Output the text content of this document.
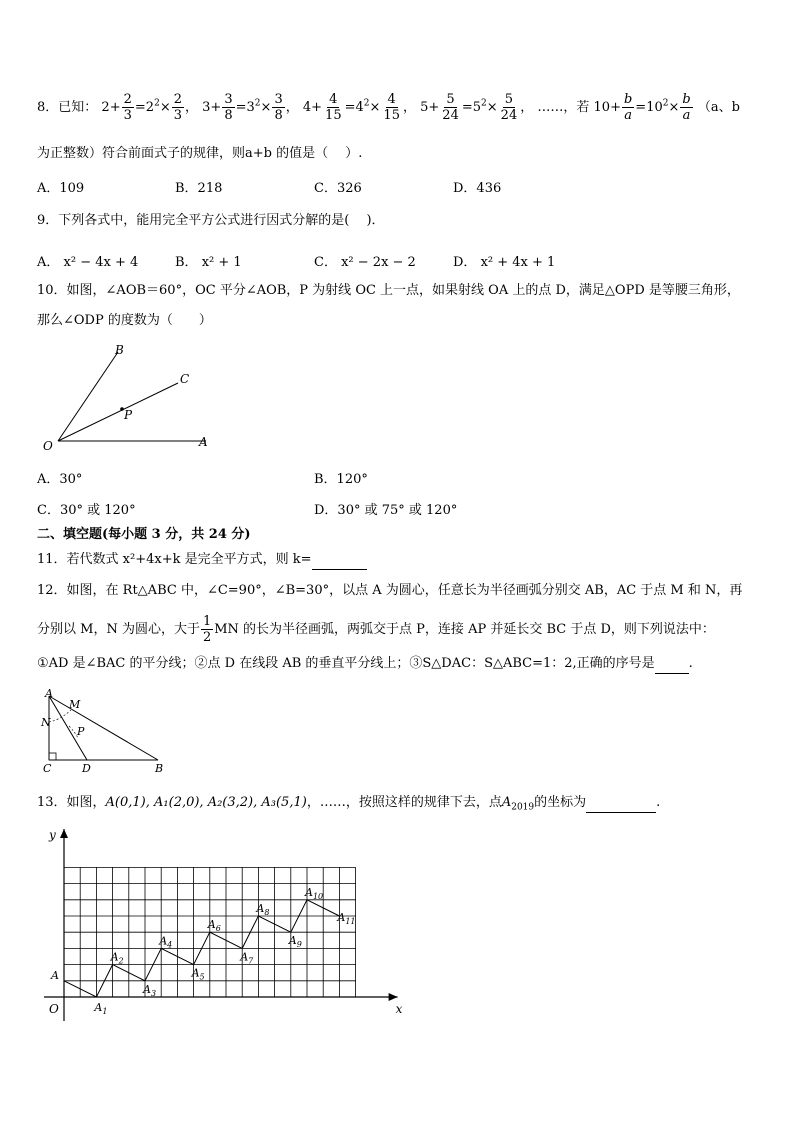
8．已知： $2+ \frac{2}{3} =2^2\times \frac{2}{3}$ ， $3+ \frac{3}{8} =3^2\times \frac{3}{8}$ ， $4+ \frac{4}{15} =4^2\times \frac{4}{15}$ ， $5+ \frac{5}{24} =5^2\times \frac{5}{24}$ ， ……，若 $10+ \frac{b}{a} =10^2\times \frac{b}{a} (a$、b
为正整数）符合前面式子的规律，则a+b 的值是（　 ）.
A．109	B．218	C．326	D．436
9．下列各式中，能用完全平方公式进行因式分解的是(　 )．
A． x² − 4x + 4	B． x² + 1	C． x² − 2x − 2	D． x² + 4x + 1
10．如图，∠AOB＝60°，OC 平分∠AOB，P 为射线 OC 上一点，如果射线 OA 上的点 D，满足△OPD 是等腰三角形，
那么∠ODP 的度数为（　　）
B
C
P
O	A
A．30°	B．120°
C．30° 或 120°	D．30° 或 75° 或 120°
二、填空题(每小题 3 分，共 24 分)
11．若代数式 x²+4x+k 是完全平方式，则 k=
12．如图，在 Rt△ABC 中，∠C=90°，∠B=30°，以点 A 为圆心，任意长为半径画弧分别交 AB，AC 于点 M 和 N，再
分别以 M，N 为圆心，大于 $\frac{1}{2}$ MN 的长为半径画弧，两弧交于点 P，连接 AP 并延长交 BC 于点 D，则下列说法中：
①AD 是∠BAC 的平分线；②点 D 在线段 AB 的垂直平分线上；③S△DAC：S△ABC=1：2,正确的序号是	.
A
M
N
P
C	D	B
13．如图，A(0,1), A₁(2,0), A₂(3,2), A₃(5,1)，……，按照这样的规律下去，点$A_{2019}$的坐标为	.
A
$A_1$
$A_2$
$A_3$
$A_4$
$A_5$
$A_6$
$A_7$
$A_8$
$A_9$
$A_{10}$
$A_{11}$
x
y
O
